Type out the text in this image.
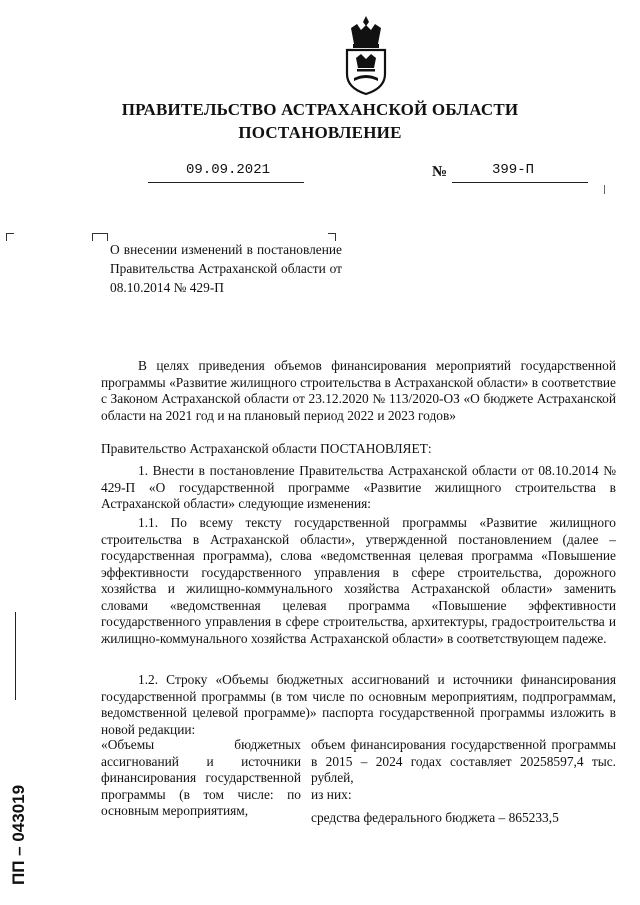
ПРАВИТЕЛЬСТВО АСТРАХАНСКОЙ ОБЛАСТИ
ПОСТАНОВЛЕНИЕ
09.09.2021	№	399-П
О внесении изменений в постановление Правительства Астраханской области от 08.10.2014 № 429-П

В целях приведения объемов финансирования мероприятий государственной программы «Развитие жилищного строительства в Астраханской области» в соответствие с Законом Астраханской области от 23.12.2020 № 113/2020-ОЗ «О бюджете Астраханской области на 2021 год и на плановый период 2022 и 2023 годов»

Правительство Астраханской области ПОСТАНОВЛЯЕТ:

1. Внести в постановление Правительства Астраханской области от 08.10.2014 № 429-П «О государственной программе «Развитие жилищного строительства в Астраханской области» следующие изменения:

1.1. По всему тексту государственной программы «Развитие жилищного строительства в Астраханской области», утвержденной постановлением (далее – государственная программа), слова «ведомственная целевая программа «Повышение эффективности государственного управления в сфере строительства, дорожного хозяйства и жилищно-коммунального хозяйства Астраханской области» заменить словами «ведомственная целевая программа «Повышение эффективности государственного управления в сфере строительства, архитектуры, градостроительства и жилищно-коммунального хозяйства Астраханской области» в соответствующем падеже.

1.2. Строку «Объемы бюджетных ассигнований и источники финансирования государственной программы (в том числе по основным мероприятиям, подпрограммам, ведомственной целевой программе)» паспорта государственной программы изложить в новой редакции:

«Объемы бюджетных ассигнований и источники финансирования государственной программы (в том числе: по основным мероприятиям,
объем финансирования государственной программы в 2015 – 2024 годах составляет 20258597,4 тыс. рублей,
из них:
средства федерального бюджета – 865233,5
ПП – 043019
